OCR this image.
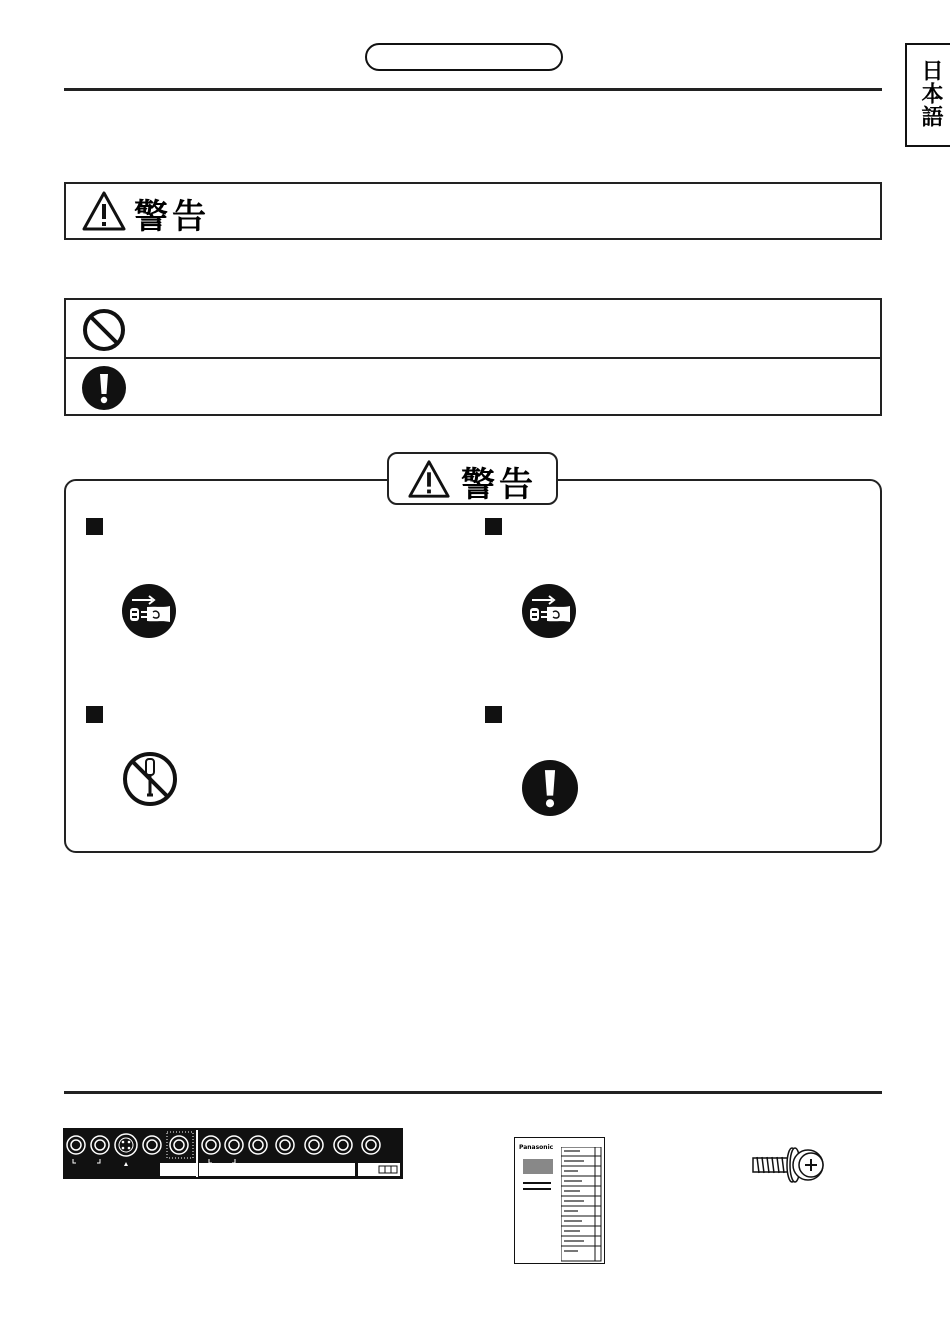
日本語
警告
警告
Panasonic
